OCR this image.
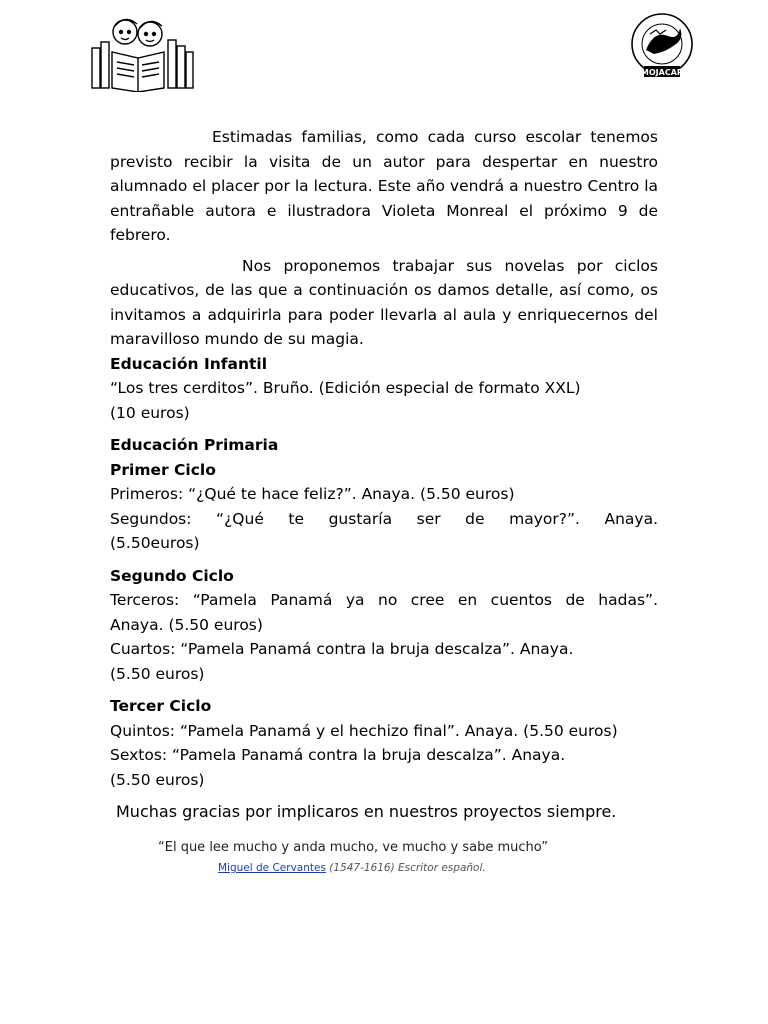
MOJACAR

Estimadas familias, como cada curso escolar tenemos previsto recibir la visita de un autor para despertar en nuestro alumnado el placer por la lectura. Este año vendrá a nuestro Centro la entrañable autora e ilustradora Violeta Monreal el próximo 9 de febrero.

Nos proponemos trabajar sus novelas por ciclos educativos, de las que a continuación os damos detalle, así como, os invitamos a adquirirla para poder llevarla al aula y enriquecernos del maravilloso mundo de su magia.

Educación Infantil

“Los tres cerditos”. Bruño. (Edición especial de formato XXL)

(10 euros)

Educación Primaria

Primer Ciclo

Primeros: “¿Qué te hace feliz?”. Anaya. (5.50 euros)

Segundos: “¿Qué te gustaría ser de mayor?”. Anaya.

(5.50euros)

Segundo Ciclo

Terceros: “Pamela Panamá ya no cree en cuentos de hadas”.

Anaya. (5.50 euros)

Cuartos: “Pamela Panamá contra la bruja descalza”. Anaya.

(5.50 euros)

Tercer Ciclo

Quintos: “Pamela Panamá y el hechizo final”. Anaya. (5.50 euros)

Sextos: “Pamela Panamá contra la bruja descalza”. Anaya.

(5.50 euros)

Muchas gracias por implicaros en nuestros proyectos siempre.
“El que lee mucho y anda mucho, ve mucho y sabe mucho”
Miguel de Cervantes (1547-1616) Escritor español.
